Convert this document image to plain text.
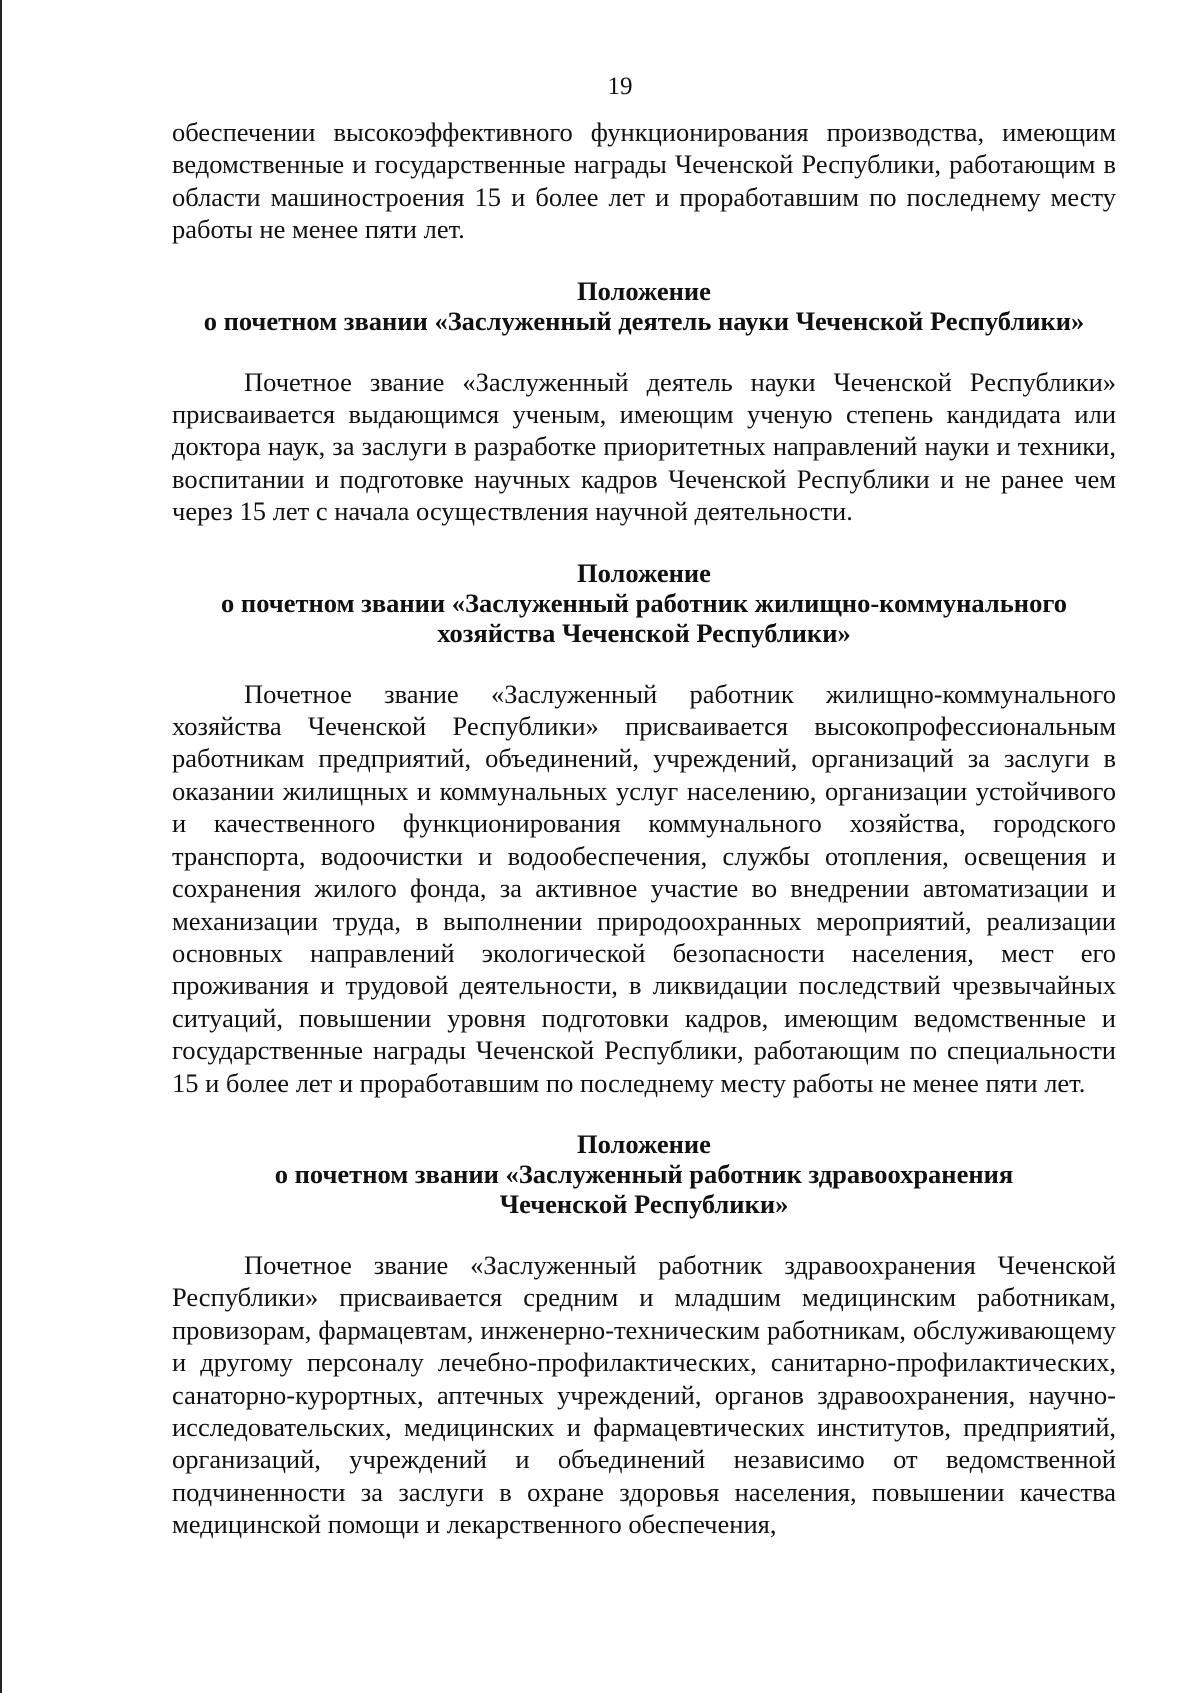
19

обеспечении высокоэффективного функционирования производства, имеющим ведомственные и государственные награды Чеченской Республики, работающим в области машиностроения 15 и более лет и проработавшим по последнему месту работы не менее пяти лет.

Положение

о почетном звании «Заслуженный деятель науки Чеченской Республики»

Почетное звание «Заслуженный деятель науки Чеченской Республики» присваивается выдающимся ученым, имеющим ученую степень кандидата или доктора наук, за заслуги в разработке приоритетных направлений науки и техники, воспитании и подготовке научных кадров Чеченской Республики и не ранее чем через 15 лет с начала осуществления научной деятельности.

Положение

о почетном звании «Заслуженный работник жилищно-коммунального

хозяйства Чеченской Республики»

Почетное звание «Заслуженный работник жилищно-коммунального хозяйства Чеченской Республики» присваивается высокопрофессиональным работникам предприятий, объединений, учреждений, организаций за заслуги в оказании жилищных и коммунальных услуг населению, организации устойчивого и качественного функционирования коммунального хозяйства, городского транспорта, водоочистки и водообеспечения, службы отопления, освещения и сохранения жилого фонда, за активное участие во внедрении автоматизации и механизации труда, в выполнении природоохранных мероприятий, реализации основных направлений экологической безопасности населения, мест его проживания и трудовой деятельности, в ликвидации последствий чрезвычайных ситуаций, повышении уровня подготовки кадров, имеющим ведомственные и государственные награды Чеченской Республики, работающим по специальности 15 и более лет и проработавшим по последнему месту работы не менее пяти лет.

Положение

о почетном звании «Заслуженный работник здравоохранения

Чеченской Республики»

Почетное звание «Заслуженный работник здравоохранения Чеченской Республики» присваивается средним и младшим медицинским работникам, провизорам, фармацевтам, инженерно-техническим работникам, обслуживающему и другому персоналу лечебно-профилактических, санитарно-профилактических, санаторно-курортных, аптечных учреждений, органов здравоохранения, научно-исследовательских, медицинских и фармацевтических институтов, предприятий, организаций, учреждений и объединений независимо от ведомственной подчиненности за заслуги в охране здоровья населения, повышении качества медицинской помощи и лекарственного обеспечения,
